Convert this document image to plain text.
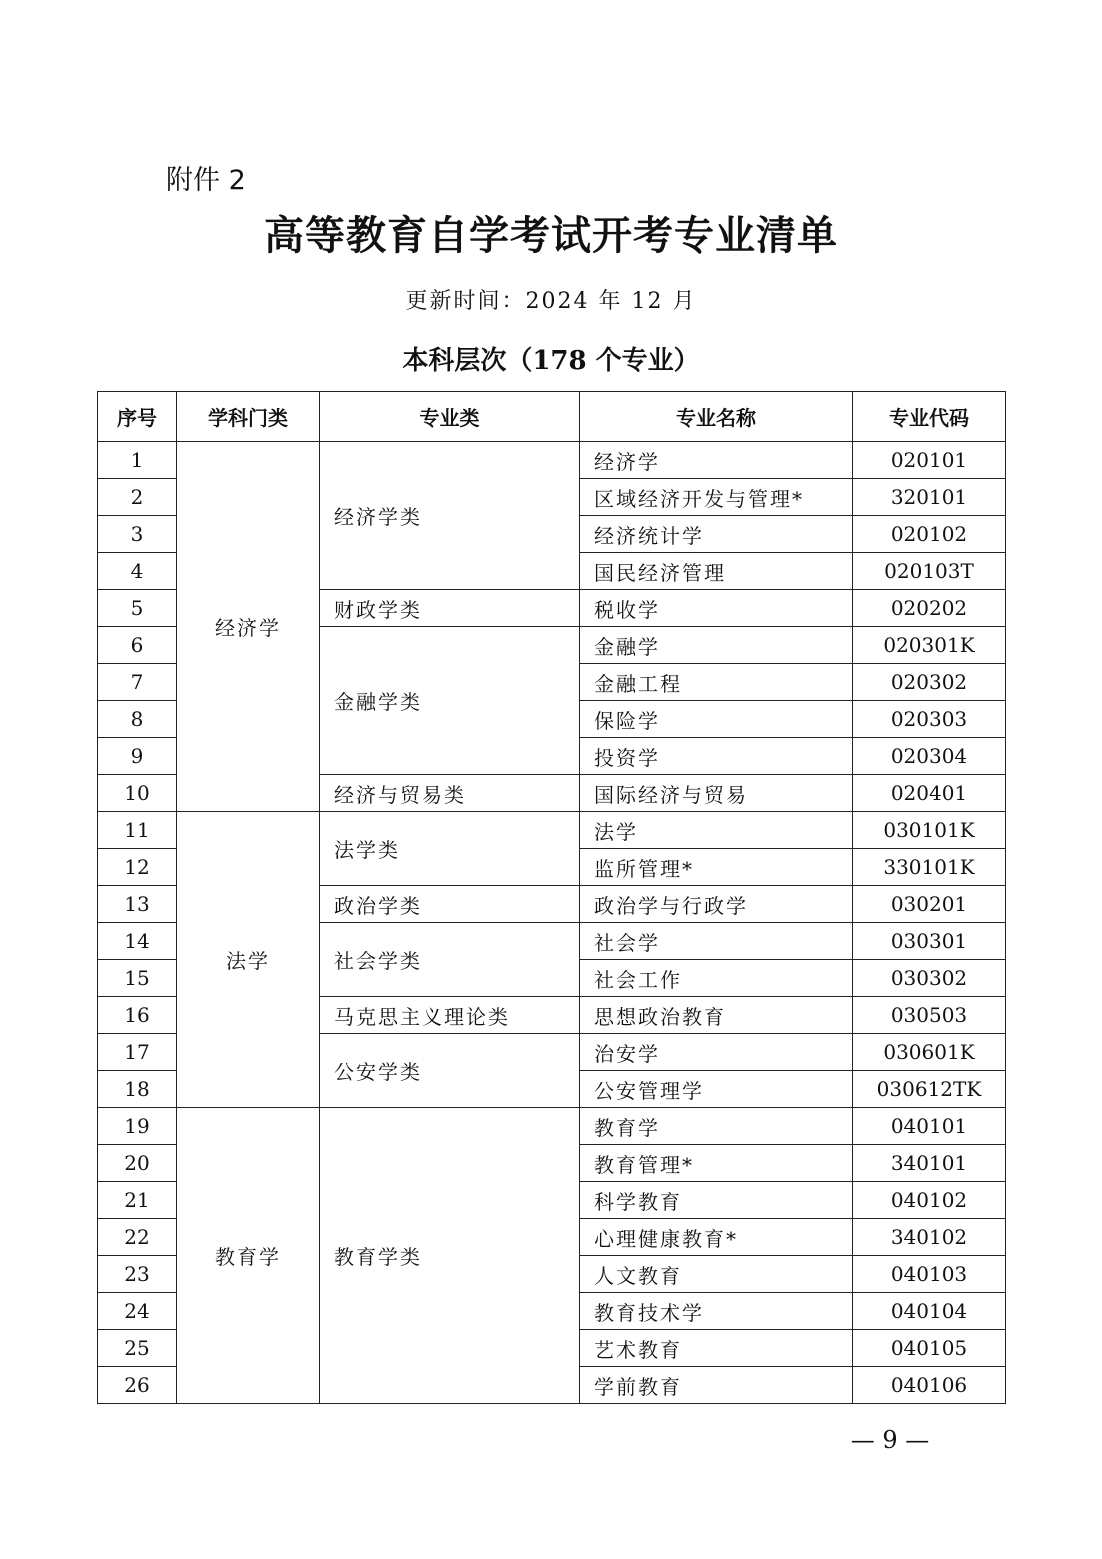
附件 2
高等教育自学考试开考专业清单
更新时间：2024 年 12 月
本科层次（178 个专业）
序号	学科门类	专业类	专业名称	专业代码
1	经济学	经济学类	经济学	020101
2			区域经济开发与管理*	320101
3			经济统计学	020102
4			国民经济管理	020103T
5		财政学类	税收学	020202
6		金融学类	金融学	020301K
7			金融工程	020302
8			保险学	020303
9			投资学	020304
10		经济与贸易类	国际经济与贸易	020401
11	法学	法学类	法学	030101K
12			监所管理*	330101K
13		政治学类	政治学与行政学	030201
14		社会学类	社会学	030301
15			社会工作	030302
16		马克思主义理论类	思想政治教育	030503
17		公安学类	治安学	030601K
18			公安管理学	030612TK
19	教育学	教育学类	教育学	040101
20			教育管理*	340101
21			科学教育	040102
22			心理健康教育*	340102
23			人文教育	040103
24			教育技术学	040104
25			艺术教育	040105
26			学前教育	040106
— 9 —
